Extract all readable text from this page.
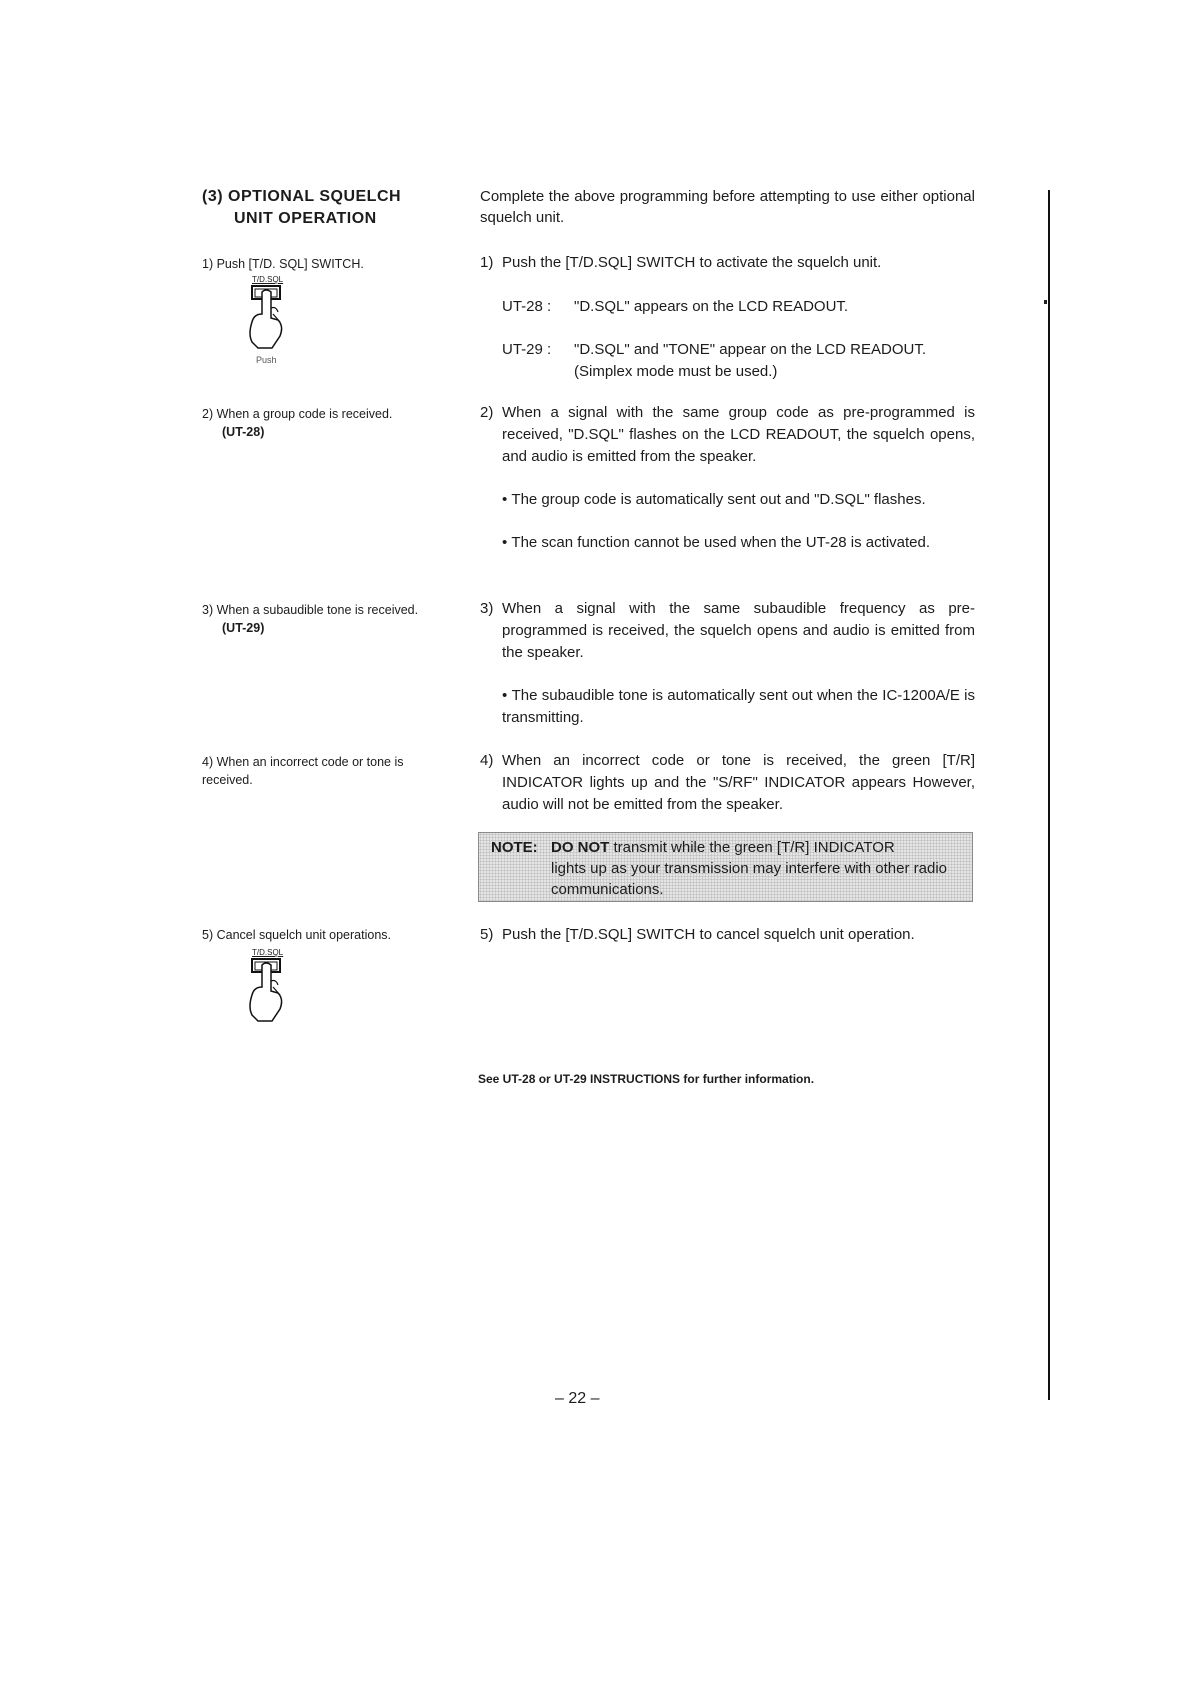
(3) OPTIONAL SQUELCH
UNIT OPERATION
Complete the above programming before attempting to use either optional squelch unit.
1) Push [T/D. SQL] SWITCH.
T/D.SQL
Push
1) Push the [T/D.SQL] SWITCH to activate the squelch unit.
UT-28 : "D.SQL" appears on the LCD READOUT.
UT-29 : "D.SQL" and "TONE" appear on the LCD READOUT.
(Simplex mode must be used.)
2) When a group code is received.
(UT-28)
2) When a signal with the same group code as pre-programmed is received, "D.SQL" flashes on the LCD READOUT, the squelch opens, and audio is emitted from the speaker.
• The group code is automatically sent out and "D.SQL" flashes.
• The scan function cannot be used when the UT-28 is activated.
3) When a subaudible tone is received.
(UT-29)
3) When a signal with the same subaudible frequency as pre-programmed is received, the squelch opens and audio is emitted from the speaker.
• The subaudible tone is automatically sent out when the IC-1200A/E is transmitting.
4) When an incorrect code or tone is received.
4) When an incorrect code or tone is received, the green [T/R] INDICATOR lights up and the "S/RF" INDICATOR appears However, audio will not be emitted from the speaker.
NOTE: DO NOT transmit while the green [T/R] INDICATOR
lights up as your transmission may interfere with other radio communications.
5) Cancel squelch unit operations.
T/D.SQL
5) Push the [T/D.SQL] SWITCH to cancel squelch unit operation.
See UT-28 or UT-29 INSTRUCTIONS for further information.
– 22 –
